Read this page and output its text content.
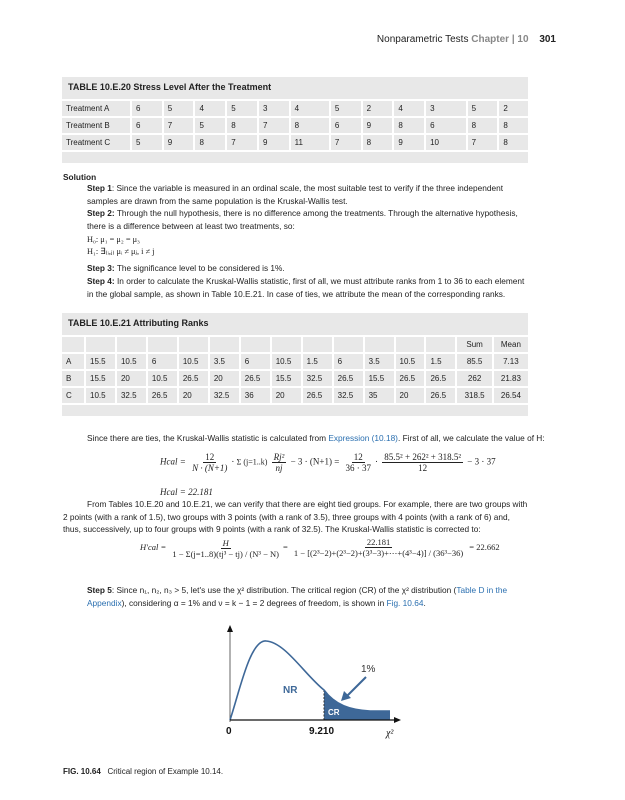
Nonparametric Tests Chapter | 10 301
TABLE 10.E.20 Stress Level After the Treatment
Treatment A	6	5	4	5	3	4	5	2	4	3	5	2
Treatment B	6	7	5	8	7	8	6	9	8	6	8	8
Treatment C	5	9	8	7	9	11	7	8	9	10	7	8
Solution
Step 1: Since the variable is measured in an ordinal scale, the most suitable test to verify if the three independent samples are drawn from the same population is the Kruskal-Wallis test.
Step 2: Through the null hypothesis, there is no difference among the treatments. Through the alternative hypothesis, there is a difference between at least two treatments, so:
H₀: μ₁ = μ₂ = μ₃
H₁: ∃₍ᵢ,ⱼ₎ μᵢ ≠ μⱼ, i ≠ j
Step 3: The significance level to be considered is 1%.
Step 4: In order to calculate the Kruskal-Wallis statistic, first of all, we must attribute ranks from 1 to 36 to each element in the global sample, as shown in Table 10.E.21. In case of ties, we attribute the mean of the corresponding ranks.
TABLE 10.E.21 Attributing Ranks
													Sum	Mean
A	15.5	10.5	6	10.5	3.5	6	10.5	1.5	6	3.5	10.5	1.5	85.5	7.13
B	15.5	20	10.5	26.5	20	26.5	15.5	32.5	26.5	15.5	26.5	26.5	262	21.83
C	10.5	32.5	26.5	20	32.5	36	20	26.5	32.5	35	20	26.5	318.5	26.54
Since there are ties, the Kruskal-Wallis statistic is calculated from Expression (10.18). First of all, we calculate the value of H:
Hcal = $\frac{12}{N \cdot (N+1)} \cdot \Sigma$ $(j=1..k) \frac{\text{Rj²}}{nj} - 3 \cdot (N+1) = \frac{12}{36 \cdot 37} \cdot \frac{\text{85.5² + 262² + 318.5²}}{12} - 3 \cdot 37$
Hcal = 22.181
From Tables 10.E.20 and 10.E.21, we can verify that there are eight tied groups. For example, there are two groups with 2 points (with a rank of 1.5), two groups with 3 points (with a rank of 3.5), three groups with 4 points (with a rank of 6) and, thus, successively, up to four groups with 9 points (with a rank of 32.5). The Kruskal-Wallis statistic is corrected to:
$H'cal = \frac{H}{\text{1 − Σ(j=1..8)(tj³ − tj) / (N³ − N)}} = \frac{22.181}{\text{1 − [(2³−2)+(2³−2)+(3³−3)+⋯+(4³−4)] / (36³−36)}} = 22.662$
Step 5: Since n₁, n₂, n₃ > 5, let's use the χ² distribution. The critical region (CR) of the χ² distribution (Table D in the Appendix), considering α = 1% and ν = k − 1 = 2 degrees of freedom, is shown in Fig. 10.64.
NR
CR
1%
0	9.210	χ²
FIG. 10.64 Critical region of Example 10.14.
